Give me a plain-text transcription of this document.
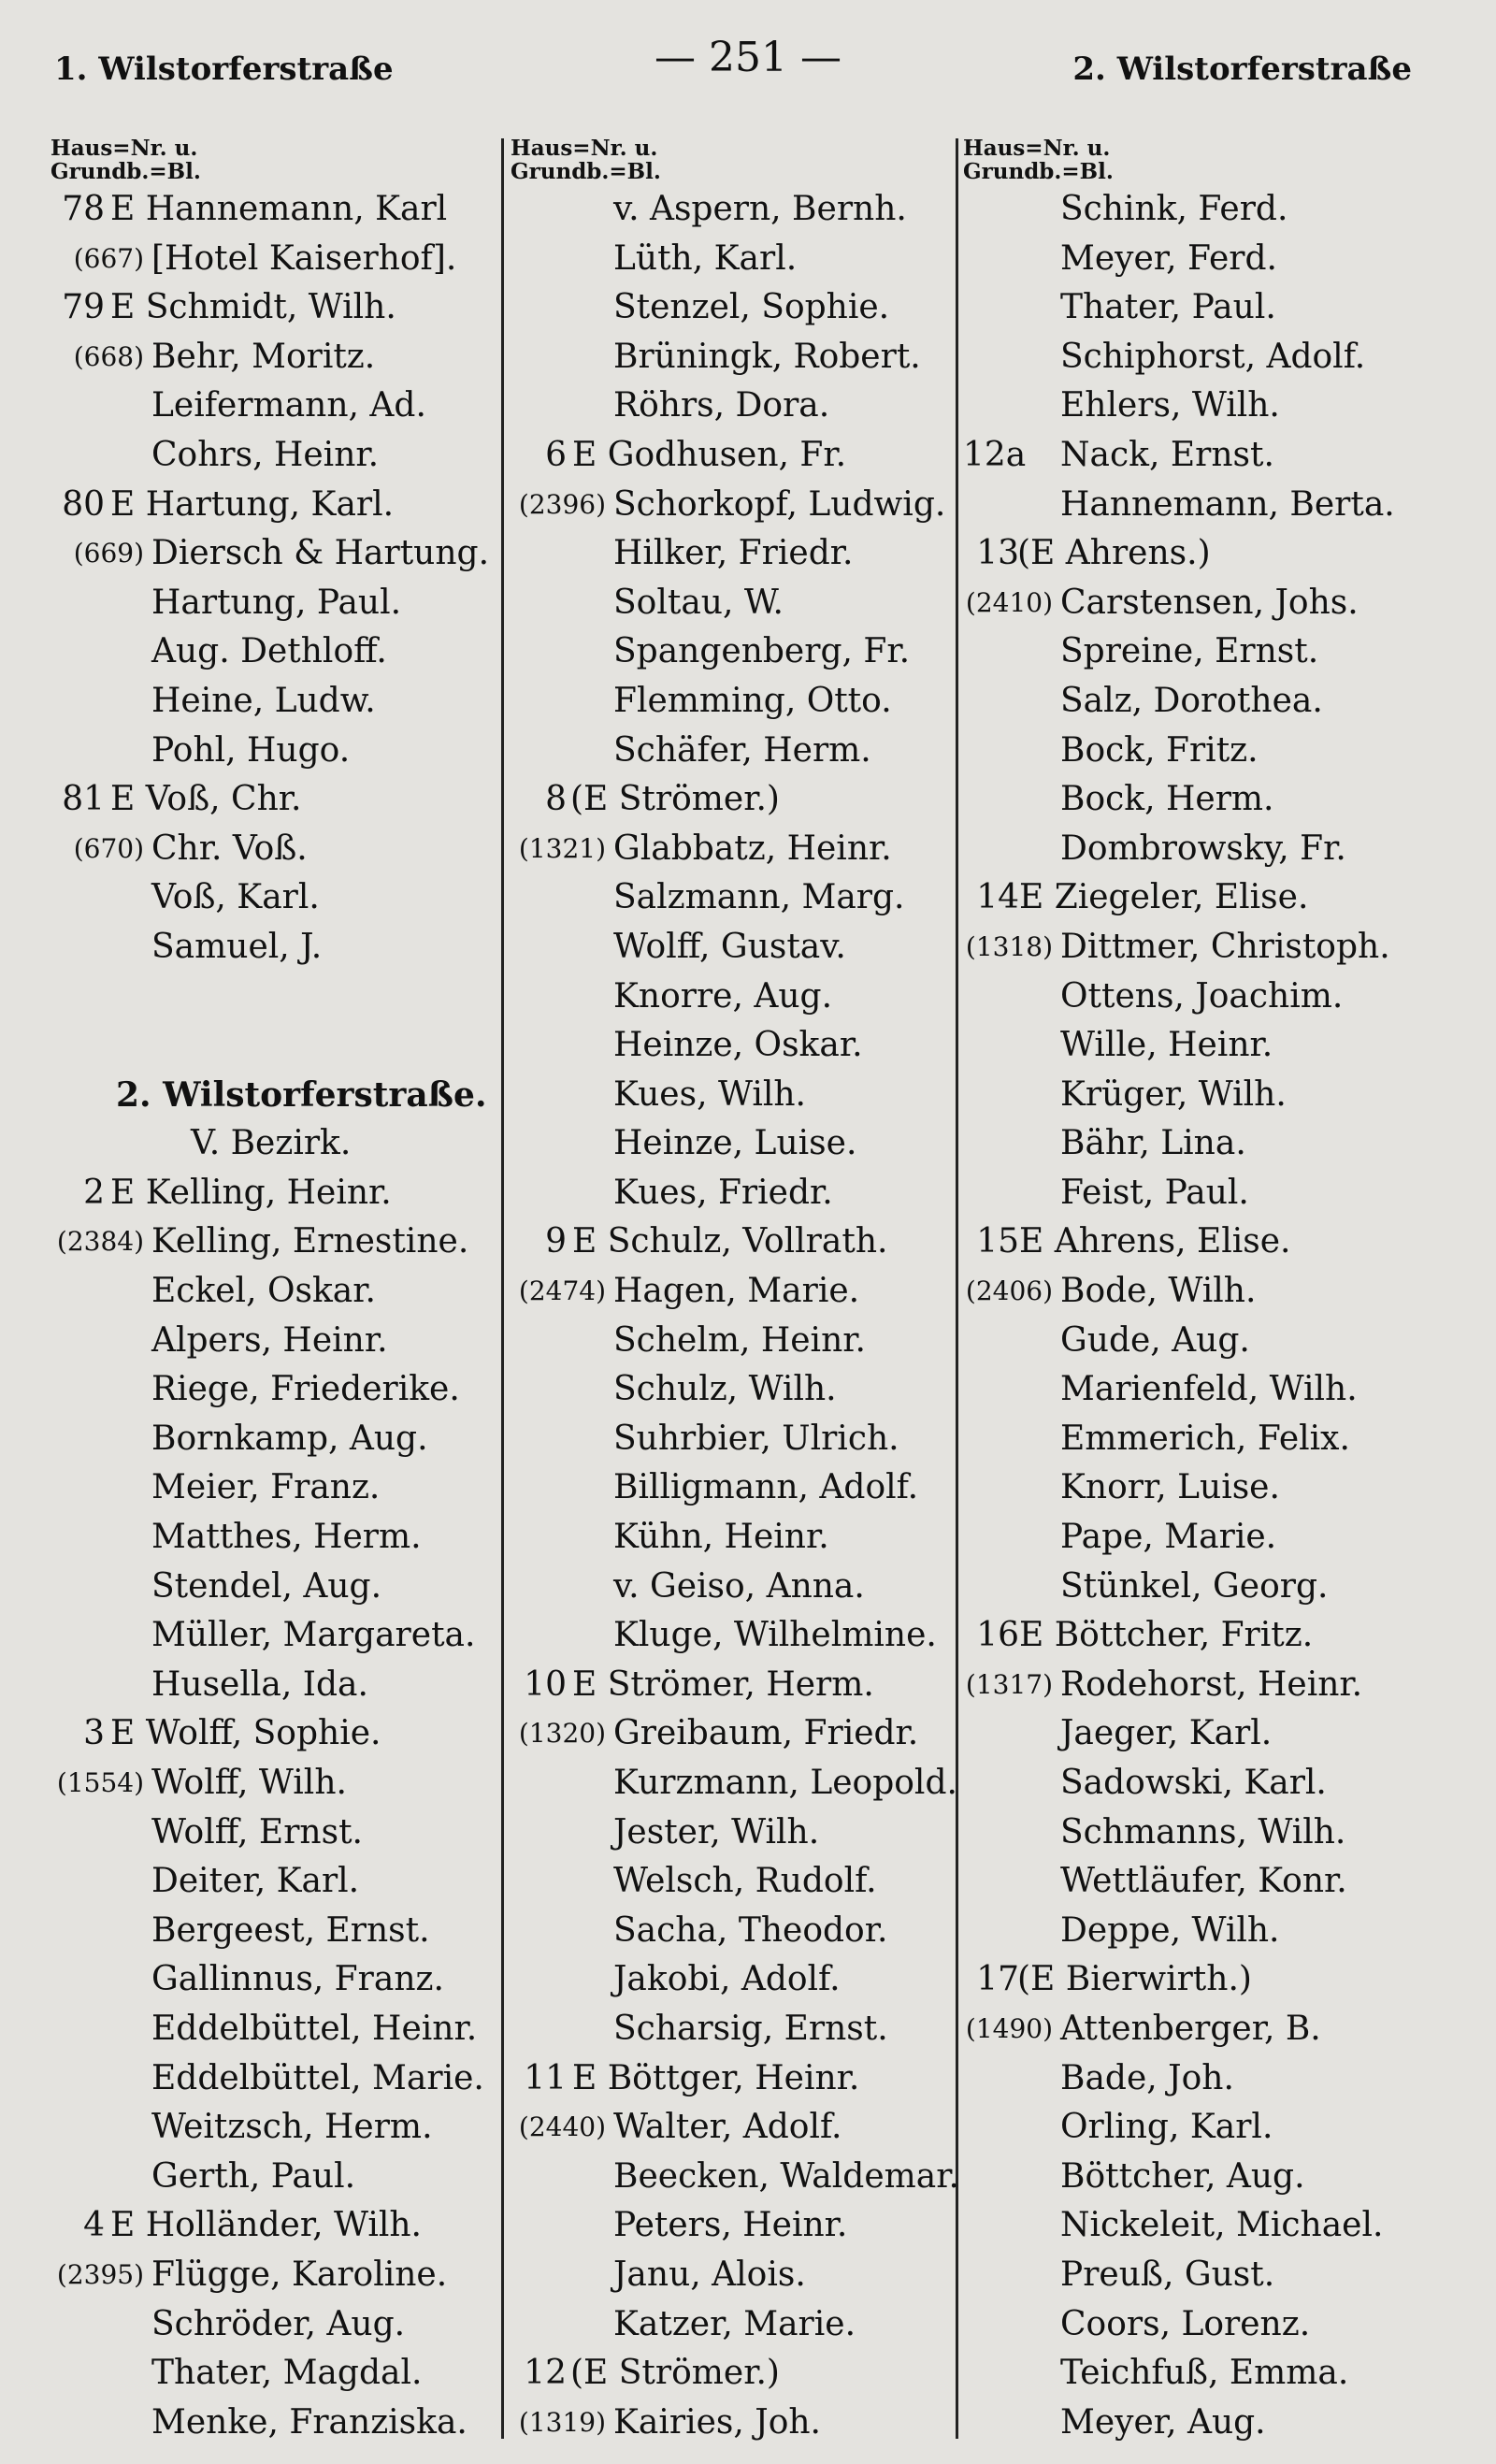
1. Wilstorferstraße	— 251 —	2. Wilstorferstraße
Haus=Nr. u.
Grundb.=Bl.
78 E Hannemann, Karl
(667) [Hotel Kaiserhof].
79 E Schmidt, Wilh.
(668) Behr, Moritz.
Leifermann, Ad.
Cohrs, Heinr.
80 E Hartung, Karl.
(669) Diersch & Hartung.
Hartung, Paul.
Aug. Dethloff.
Heine, Ludw.
Pohl, Hugo.
81 E Voß, Chr.
(670) Chr. Voß.
Voß, Karl.
Samuel, J.
2. Wilstorferstraße.
V. Bezirk.
2 E Kelling, Heinr.
(2384) Kelling, Ernestine.
Eckel, Oskar.
Alpers, Heinr.
Riege, Friederike.
Bornkamp, Aug.
Meier, Franz.
Matthes, Herm.
Stendel, Aug.
Müller, Margareta.
Husella, Ida.
3 E Wolff, Sophie.
(1554) Wolff, Wilh.
Wolff, Ernst.
Deiter, Karl.
Bergeest, Ernst.
Gallinnus, Franz.
Eddelbüttel, Heinr.
Eddelbüttel, Marie.
Weitzsch, Herm.
Gerth, Paul.
4 E Holländer, Wilh.
(2395) Flügge, Karoline.
Schröder, Aug.
Thater, Magdal.
Menke, Franziska.
Haus=Nr. u.
Grundb.=Bl.
v. Aspern, Bernh.
Lüth, Karl.
Stenzel, Sophie.
Brüningk, Robert.
Röhrs, Dora.
6 E Godhusen, Fr.
(2396) Schorkopf, Ludwig.
Hilker, Friedr.
Soltau, W.
Spangenberg, Fr.
Flemming, Otto.
Schäfer, Herm.
8 (E Strömer.)
(1321) Glabbatz, Heinr.
Salzmann, Marg.
Wolff, Gustav.
Knorre, Aug.
Heinze, Oskar.
Kues, Wilh.
Heinze, Luise.
Kues, Friedr.
9 E Schulz, Vollrath.
(2474) Hagen, Marie.
Schelm, Heinr.
Schulz, Wilh.
Suhrbier, Ulrich.
Billigmann, Adolf.
Kühn, Heinr.
v. Geiso, Anna.
Kluge, Wilhelmine.
10 E Strömer, Herm.
(1320) Greibaum, Friedr.
Kurzmann, Leopold.
Jester, Wilh.
Welsch, Rudolf.
Sacha, Theodor.
Jakobi, Adolf.
Scharsig, Ernst.
11 E Böttger, Heinr.
(2440) Walter, Adolf.
Beecken, Waldemar.
Peters, Heinr.
Janu, Alois.
Katzer, Marie.
12 (E Strömer.)
(1319) Kairies, Joh.
Haus=Nr. u.
Grundb.=Bl.
Schink, Ferd.
Meyer, Ferd.
Thater, Paul.
Schiphorst, Adolf.
Ehlers, Wilh.
12a Nack, Ernst.
Hannemann, Berta.
13
(E Ahrens.)
(2410) Carstensen, Johs.
Spreine, Ernst.
Salz, Dorothea.
Bock, Fritz.
Bock, Herm.
Dombrowsky, Fr.
14 E Ziegeler, Elise.
(1318) Dittmer, Christoph.
Ottens, Joachim.
Wille, Heinr.
Krüger, Wilh.
Bähr, Lina.
Feist, Paul.
15 E Ahrens, Elise.
(2406) Bode, Wilh.
Gude, Aug.
Marienfeld, Wilh.
Emmerich, Felix.
Knorr, Luise.
Pape, Marie.
Stünkel, Georg.
16 E Böttcher, Fritz.
(1317) Rodehorst, Heinr.
Jaeger, Karl.
Sadowski, Karl.
Schmanns, Wilh.
Wettläufer, Konr.
Deppe, Wilh.
17
(E Bierwirth.)
(1490) Attenberger, B.
Bade, Joh.
Orling, Karl.
Böttcher, Aug.
Nickeleit, Michael.
Preuß, Gust.
Coors, Lorenz.
Teichfuß, Emma.
Meyer, Aug.
